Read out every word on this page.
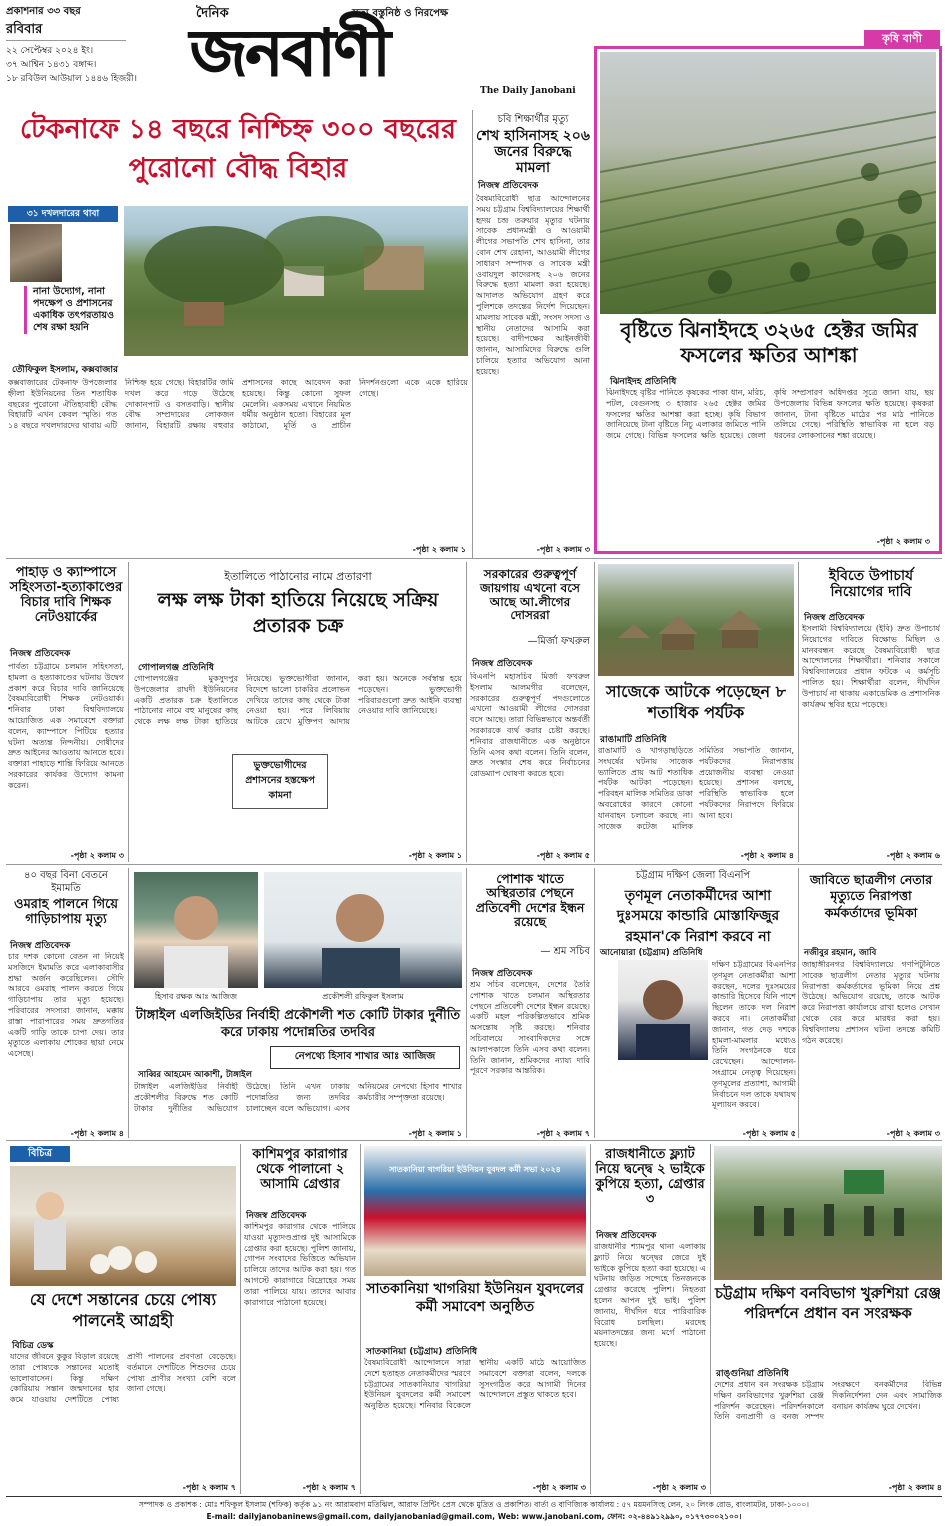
প্রকাশনার ৩৩ বছর
রবিবার
২২ সেপ্টেম্বর ২০২৪ ইং।
৩৭ আশ্বিন ১৪৩১ বঙ্গাব্দ।
১৮ রবিউল আউয়াল ১৪৪৬ হিজরী।
দৈনিক	সত্য বস্তুনিষ্ঠ ও নিরপেক্ষ
জনবাণী	The Daily Janobani
কৃষি বাণী
বৃষ্টিতে ঝিনাইদহে ৩২৬৫ হেক্টর জমির ফসলের ক্ষতির আশঙ্কা
ঝিনাইদহ প্রতিনিধি
ঝিনাইদহে বৃষ্টির পানিতে কৃষকের পাকা ধান, মরিচ, পটল, বেগুনসহ ৩ হাজার ২৬৫ হেক্টর জমির ফসলের ক্ষতির আশঙ্কা করা হচ্ছে। কৃষি বিভাগ জানিয়েছে টানা বৃষ্টিতে নিচু এলাকার জমিতে পানি জমে গেছে। বিভিন্ন ফসলের ক্ষতি হয়েছে। জেলা কৃষি সম্প্রসারণ অধিদপ্তর সূত্রে জানা যায়, ছয় উপজেলায় বিভিন্ন ফসলের ক্ষতি হয়েছে। কৃষকরা জানান, টানা বৃষ্টিতে মাঠের পর মাঠ পানিতে তলিয়ে গেছে। পরিস্থিতি স্বাভাবিক না হলে বড় ধরনের লোকসানের শঙ্কা রয়েছে।
-পৃষ্ঠা ২ কলাম ৩
টেকনাফে ১৪ বছরে নিশ্চিহ্ন ৩০০ বছরের পুরোনো বৌদ্ধ বিহার
৩১ দখলদারের থাবা
নানা উদ্যোগ, নানা পদক্ষেপ ও প্রশাসনের একাধিক তৎপরতায়ও শেষ রক্ষা হয়নি
তৌফিকুল ইসলাম, কক্সবাজার
কক্সবাজারের টেকনাফ উপজেলার হ্নীলা ইউনিয়নের তিন শতাধিক বছরের পুরোনো ঐতিহ্যবাহী বৌদ্ধ বিহারটি এখন কেবল স্মৃতি। গত ১৪ বছরে দখলদারদের থাবায় এটি নিশ্চিহ্ন হয়ে গেছে। বিহারটির জমি দখল করে গড়ে উঠেছে দোকানপাট ও বসতবাড়ি। স্থানীয় বৌদ্ধ সম্প্রদায়ের লোকজন জানান, বিহারটি রক্ষায় বহুবার প্রশাসনের কাছে আবেদন করা হয়েছে। কিন্তু কোনো সুফল মেলেনি। একসময় এখানে নিয়মিত ধর্মীয় অনুষ্ঠান হতো। বিহারের মূল কাঠামো, মূর্তি ও প্রাচীন নিদর্শনগুলো একে একে হারিয়ে গেছে।
-পৃষ্ঠা ২ কলাম ১
চবি শিক্ষার্থীর মৃত্যু
শেখ হাসিনাসহ ২০৬ জনের বিরুদ্ধে মামলা
নিজস্ব প্রতিবেদক
বৈষম্যবিরোধী ছাত্র আন্দোলনের সময় চট্টগ্রাম বিশ্ববিদ্যালয়ের শিক্ষার্থী হৃদয় চন্দ্র তরুয়ার মৃত্যুর ঘটনায় সাবেক প্রধানমন্ত্রী ও আওয়ামী লীগের সভাপতি শেখ হাসিনা, তার বোন শেখ রেহানা, আওয়ামী লীগের সাধারণ সম্পাদক ও সাবেক মন্ত্রী ওবায়দুল কাদেরসহ ২০৬ জনের বিরুদ্ধে হত্যা মামলা করা হয়েছে। আদালত অভিযোগ গ্রহণ করে পুলিশকে তদন্তের নির্দেশ দিয়েছেন। মামলায় সাবেক মন্ত্রী, সংসদ সদস্য ও স্থানীয় নেতাদের আসামি করা হয়েছে। বাদীপক্ষের আইনজীবী জানান, আসামিদের বিরুদ্ধে গুলি চালিয়ে হত্যার অভিযোগ আনা হয়েছে।
-পৃষ্ঠা ২ কলাম ৩
পাহাড় ও ক্যাম্পাসে সহিংসতা-হত্যাকাণ্ডের বিচার দাবি শিক্ষক নেটওয়ার্কের
নিজস্ব প্রতিবেদক
পার্বত্য চট্টগ্রামে চলমান সহিংসতা, হামলা ও হত্যাকাণ্ডের ঘটনায় উদ্বেগ প্রকাশ করে বিচার দাবি জানিয়েছে বৈষম্যবিরোধী শিক্ষক নেটওয়ার্ক। শনিবার ঢাকা বিশ্ববিদ্যালয়ে আয়োজিত এক সমাবেশে বক্তারা বলেন, ক্যাম্পাসে পিটিয়ে হত্যার ঘটনা অত্যন্ত নিন্দনীয়। দোষীদের দ্রুত আইনের আওতায় আনতে হবে। বক্তারা পাহাড়ে শান্তি ফিরিয়ে আনতে সরকারের কার্যকর উদ্যোগ কামনা করেন।
-পৃষ্ঠা ২ কলাম ৩
ইতালিতে পাঠানোর নামে প্রতারণা
লক্ষ লক্ষ টাকা হাতিয়ে নিয়েছে সক্রিয় প্রতারক চক্র
গোপালগঞ্জ প্রতিনিধি
ভুক্তভোগীদের প্রশাসনের হস্তক্ষেপ কামনা
গোপালগঞ্জের মুকসুদপুর উপজেলার রাঘদী ইউনিয়নের একটি প্রতারক চক্র ইতালিতে পাঠানোর নামে বহু মানুষের কাছ থেকে লক্ষ লক্ষ টাকা হাতিয়ে নিয়েছে। ভুক্তভোগীরা জানান, বিদেশে ভালো চাকরির প্রলোভন দেখিয়ে তাদের কাছ থেকে টাকা নেওয়া হয়। পরে লিবিয়ায় আটকে রেখে মুক্তিপণ আদায় করা হয়। অনেকে সর্বস্বান্ত হয়ে পড়েছেন। ভুক্তভোগী পরিবারগুলো দ্রুত আইনি ব্যবস্থা নেওয়ার দাবি জানিয়েছে।
-পৃষ্ঠা ২ কলাম ১
সরকারের গুরুত্বপূর্ণ জায়গায় এখনো বসে আছে আ.লীগের দোসররা
—মির্জা ফখরুল
নিজস্ব প্রতিবেদক
বিএনপি মহাসচিব মির্জা ফখরুল ইসলাম আলমগীর বলেছেন, সরকারের গুরুত্বপূর্ণ পদগুলোতে এখনো আওয়ামী লীগের দোসররা বসে আছে। তারা বিভিন্নভাবে অন্তর্বর্তী সরকারকে ব্যর্থ করার চেষ্টা করছে। শনিবার রাজধানীতে এক অনুষ্ঠানে তিনি এসব কথা বলেন। তিনি বলেন, দ্রুত সংস্কার শেষ করে নির্বাচনের রোডম্যাপ ঘোষণা করতে হবে।
-পৃষ্ঠা ২ কলাম ৫
সাজেকে আটকে পড়েছেন ৮ শতাধিক পর্যটক
রাঙামাটি প্রতিনিধি
রাঙামাটি ও খাগড়াছড়িতে সংঘর্ষের ঘটনায় সাজেক ভ্যালিতে প্রায় আট শতাধিক পর্যটক আটকা পড়েছেন। পরিবহন মালিক সমিতির ডাকা অবরোধের কারণে কোনো যানবাহন চলাচল করছে না। সাজেক কটেজ মালিক সমিতির সভাপতি জানান, পর্যটকদের নিরাপত্তায় প্রয়োজনীয় ব্যবস্থা নেওয়া হয়েছে। প্রশাসন বলছে, পরিস্থিতি স্বাভাবিক হলে পর্যটকদের নিরাপদে ফিরিয়ে আনা হবে।
-পৃষ্ঠা ২ কলাম ৪
ইবিতে উপাচার্য নিয়োগের দাবি
নিজস্ব প্রতিবেদক
ইসলামী বিশ্ববিদ্যালয়ে (ইবি) দ্রুত উপাচার্য নিয়োগের দাবিতে বিক্ষোভ মিছিল ও মানববন্ধন করেছে বৈষম্যবিরোধী ছাত্র আন্দোলনের শিক্ষার্থীরা। শনিবার সকালে বিশ্ববিদ্যালয়ের প্রধান ফটকে এ কর্মসূচি পালিত হয়। শিক্ষার্থীরা বলেন, দীর্ঘদিন উপাচার্য না থাকায় একাডেমিক ও প্রশাসনিক কার্যক্রম স্থবির হয়ে পড়েছে।
-পৃষ্ঠা ২ কলাম ৬
৪০ বছর বিনা বেতনে ইমামতি
ওমরাহ পালনে গিয়ে গাড়িচাপায় মৃত্যু
নিজস্ব প্রতিবেদক
চার দশক কোনো বেতন না নিয়েই মসজিদে ইমামতি করে এলাকাবাসীর শ্রদ্ধা অর্জন করেছিলেন। সৌদি আরবে ওমরাহ পালন করতে গিয়ে গাড়িচাপায় তার মৃত্যু হয়েছে। পরিবারের সদস্যরা জানান, মক্কায় রাস্তা পারাপারের সময় দ্রুতগতির একটি গাড়ি তাকে চাপা দেয়। তার মৃত্যুতে এলাকায় শোকের ছায়া নেমে এসেছে।
-পৃষ্ঠা ২ কলাম ৪
হিসাব রক্ষক আঃ আজিজ	প্রকৌশলী রফিকুল ইসলাম
টাঙ্গাইল এলজিইডির নির্বাহী প্রকৌশলী শত কোটি টাকার দুর্নীতি করে ঢাকায় পদোন্নতির তদবির
নেপথ্যে হিসাব শাখার আঃ আজিজ
সাব্বির আহমেদ আকাশী, টাঙ্গাইল
টাঙ্গাইল এলজিইডির নির্বাহী প্রকৌশলীর বিরুদ্ধে শত কোটি টাকার দুর্নীতির অভিযোগ উঠেছে। তিনি এখন ঢাকায় পদোন্নতির জন্য তদবির চালাচ্ছেন বলে অভিযোগ। এসব অনিয়মের নেপথ্যে হিসাব শাখার কর্মচারীর সম্পৃক্ততা রয়েছে।
-পৃষ্ঠা ২ কলাম ১
পোশাক খাতে অস্থিরতার পেছনে প্রতিবেশী দেশের ইন্ধন রয়েছে
— শ্রম সচিব
নিজস্ব প্রতিবেদক
শ্রম সচিব বলেছেন, দেশের তৈরি পোশাক খাতে চলমান অস্থিরতার পেছনে প্রতিবেশী দেশের ইন্ধন রয়েছে। একটি মহল পরিকল্পিতভাবে শ্রমিক অসন্তোষ সৃষ্টি করছে। শনিবার সচিবালয়ে সাংবাদিকদের সঙ্গে আলাপকালে তিনি এসব কথা বলেন। তিনি জানান, শ্রমিকদের ন্যায্য দাবি পূরণে সরকার আন্তরিক।
-পৃষ্ঠা ২ কলাম ৭
চট্টগ্রাম দক্ষিণ জেলা বিএনপি
তৃণমূল নেতাকর্মীদের আশা দুঃসময়ে কান্ডারি মোস্তাফিজুর রহমান'কে নিরাশ করবে না
আনোয়ারা (চট্টগ্রাম) প্রতিনিধি
দক্ষিণ চট্টগ্রামের বিএনপির তৃণমূল নেতাকর্মীরা আশা করছেন, দলের দুঃসময়ের কান্ডারি হিসেবে যিনি পাশে ছিলেন তাকে দল নিরাশ করবে না। নেতাকর্মীরা জানান, গত দেড় দশকে হামলা-মামলার মধ্যেও তিনি সংগঠনকে ধরে রেখেছেন। আন্দোলন-সংগ্রামে নেতৃত্ব দিয়েছেন। তৃণমূলের প্রত্যাশা, আগামী নির্বাচনে দল তাকে যথাযথ মূল্যায়ন করবে।
-পৃষ্ঠা ২ কলাম ৫
জাবিতে ছাত্রলীগ নেতার মৃত্যুতে নিরাপত্তা কর্মকর্তাদের ভূমিকা
নজীবুর রহমান, জাবি
জাহাঙ্গীরনগর বিশ্ববিদ্যালয়ে গণপিটুনিতে সাবেক ছাত্রলীগ নেতার মৃত্যুর ঘটনায় নিরাপত্তা কর্মকর্তাদের ভূমিকা নিয়ে প্রশ্ন উঠেছে। অভিযোগ রয়েছে, তাকে আটক করে নিরাপত্তা কার্যালয়ে রাখা হলেও সেখান থেকে বের করে মারধর করা হয়। বিশ্ববিদ্যালয় প্রশাসন ঘটনা তদন্তে কমিটি গঠন করেছে।
-পৃষ্ঠা ২ কলাম ৩
বিচিত্র
যে দেশে সন্তানের চেয়ে পোষ্য পালনেই আগ্রহী
বিচিত্র ডেস্ক
যাদের জীবনে কুকুর বিড়াল রয়েছে তারা পোষ্যকে সন্তানের মতোই ভালোবাসেন। কিন্তু দক্ষিণ কোরিয়ায় সন্তান জন্মদানের হার কমে যাওয়ায় দেশটিতে পোষ্য প্রাণী পালনের প্রবণতা বেড়েছে। বর্তমানে দেশটিতে শিশুদের চেয়ে পোষ্য প্রাণীর সংখ্যা বেশি বলে জানা গেছে।
-পৃষ্ঠা ২ কলাম ৭
কাশিমপুর কারাগার থেকে পালানো ২ আসামি গ্রেপ্তার
নিজস্ব প্রতিবেদক
কাশিমপুর কারাগার থেকে পালিয়ে যাওয়া মৃত্যুদণ্ডপ্রাপ্ত দুই আসামিকে গ্রেপ্তার করা হয়েছে। পুলিশ জানায়, গোপন সংবাদের ভিত্তিতে অভিযান চালিয়ে তাদের আটক করা হয়। গত আগস্টে কারাগারে বিদ্রোহের সময় তারা পালিয়ে যায়। তাদের আবার কারাগারে পাঠানো হয়েছে।
-পৃষ্ঠা ২ কলাম ৭
সাতকানিয়া খাগরিয়া ইউনিয়ন যুবদল কর্মী সভা ২০২৪
সাতকানিয়া খাগরিয়া ইউনিয়ন যুবদলের কর্মী সমাবেশ অনুষ্ঠিত
সাতকানিয়া (চট্টগ্রাম) প্রতিনিধি
বৈষম্যবিরোধী আন্দোলনে সারা দেশে হতাহত নেতাকর্মীদের স্মরণে চট্টগ্রামের সাতকানিয়ার খাগরিয়া ইউনিয়ন যুবদলের কর্মী সমাবেশ অনুষ্ঠিত হয়েছে। শনিবার বিকেলে স্থানীয় একটি মাঠে আয়োজিত সমাবেশে বক্তারা বলেন, দলকে সুসংগঠিত করে আগামী দিনের আন্দোলনে প্রস্তুত থাকতে হবে।
-পৃষ্ঠা ২ কলাম ৩
রাজধানীতে ফ্ল্যাট নিয়ে দ্বন্দ্বে ২ ভাইকে কুপিয়ে হত্যা, গ্রেপ্তার ৩
নিজস্ব প্রতিবেদক
রাজধানীর শ্যামপুর থানা এলাকায় ফ্ল্যাট নিয়ে দ্বন্দ্বের জেরে দুই ভাইকে কুপিয়ে হত্যা করা হয়েছে। এ ঘটনায় জড়িত সন্দেহে তিনজনকে গ্রেপ্তার করেছে পুলিশ। নিহতরা হলেন আপন দুই ভাই। পুলিশ জানায়, দীর্ঘদিন ধরে পারিবারিক বিরোধ চলছিল। মরদেহ ময়নাতদন্তের জন্য মর্গে পাঠানো হয়েছে।
-পৃষ্ঠা ২ কলাম ৩
চট্টগ্রাম দক্ষিণ বনবিভাগ খুরুশিয়া রেঞ্জ পরিদর্শনে প্রধান বন সংরক্ষক
রাঙ্গুনিয়া প্রতিনিধি
দেশের প্রধান বন সংরক্ষক চট্টগ্রাম দক্ষিণ বনবিভাগের খুরুশিয়া রেঞ্জ পরিদর্শন করেছেন। পরিদর্শনকালে তিনি বন্যপ্রাণী ও বনজ সম্পদ সংরক্ষণে বনকর্মীদের বিভিন্ন দিকনির্দেশনা দেন এবং সামাজিক বনায়ন কার্যক্রম ঘুরে দেখেন।
-পৃষ্ঠা ২ কলাম ৪
সম্পাদক ও প্রকাশক : মোঃ শফিকুল ইসলাম (শফিক) কর্তৃক ৯১ নং আরামবাগ মতিঝিল, আরাফ প্রিন্টিং প্রেস থেকে মুদ্রিত ও প্রকাশিত। বার্তা ও বাণিজ্যিক কার্যালয় : ৫৭ ময়মনসিংহ লেন, ২০ লিংক রোড, বাংলামটর, ঢাকা-১০০০।
E-mail: dailyjanobaninews@gmail.com, dailyjanobaniad@gmail.com, Web: www.janobani.com, ফোন: ০২-৪৪৯১২৯৯০, ০১৭৭৩০০২১০০।
